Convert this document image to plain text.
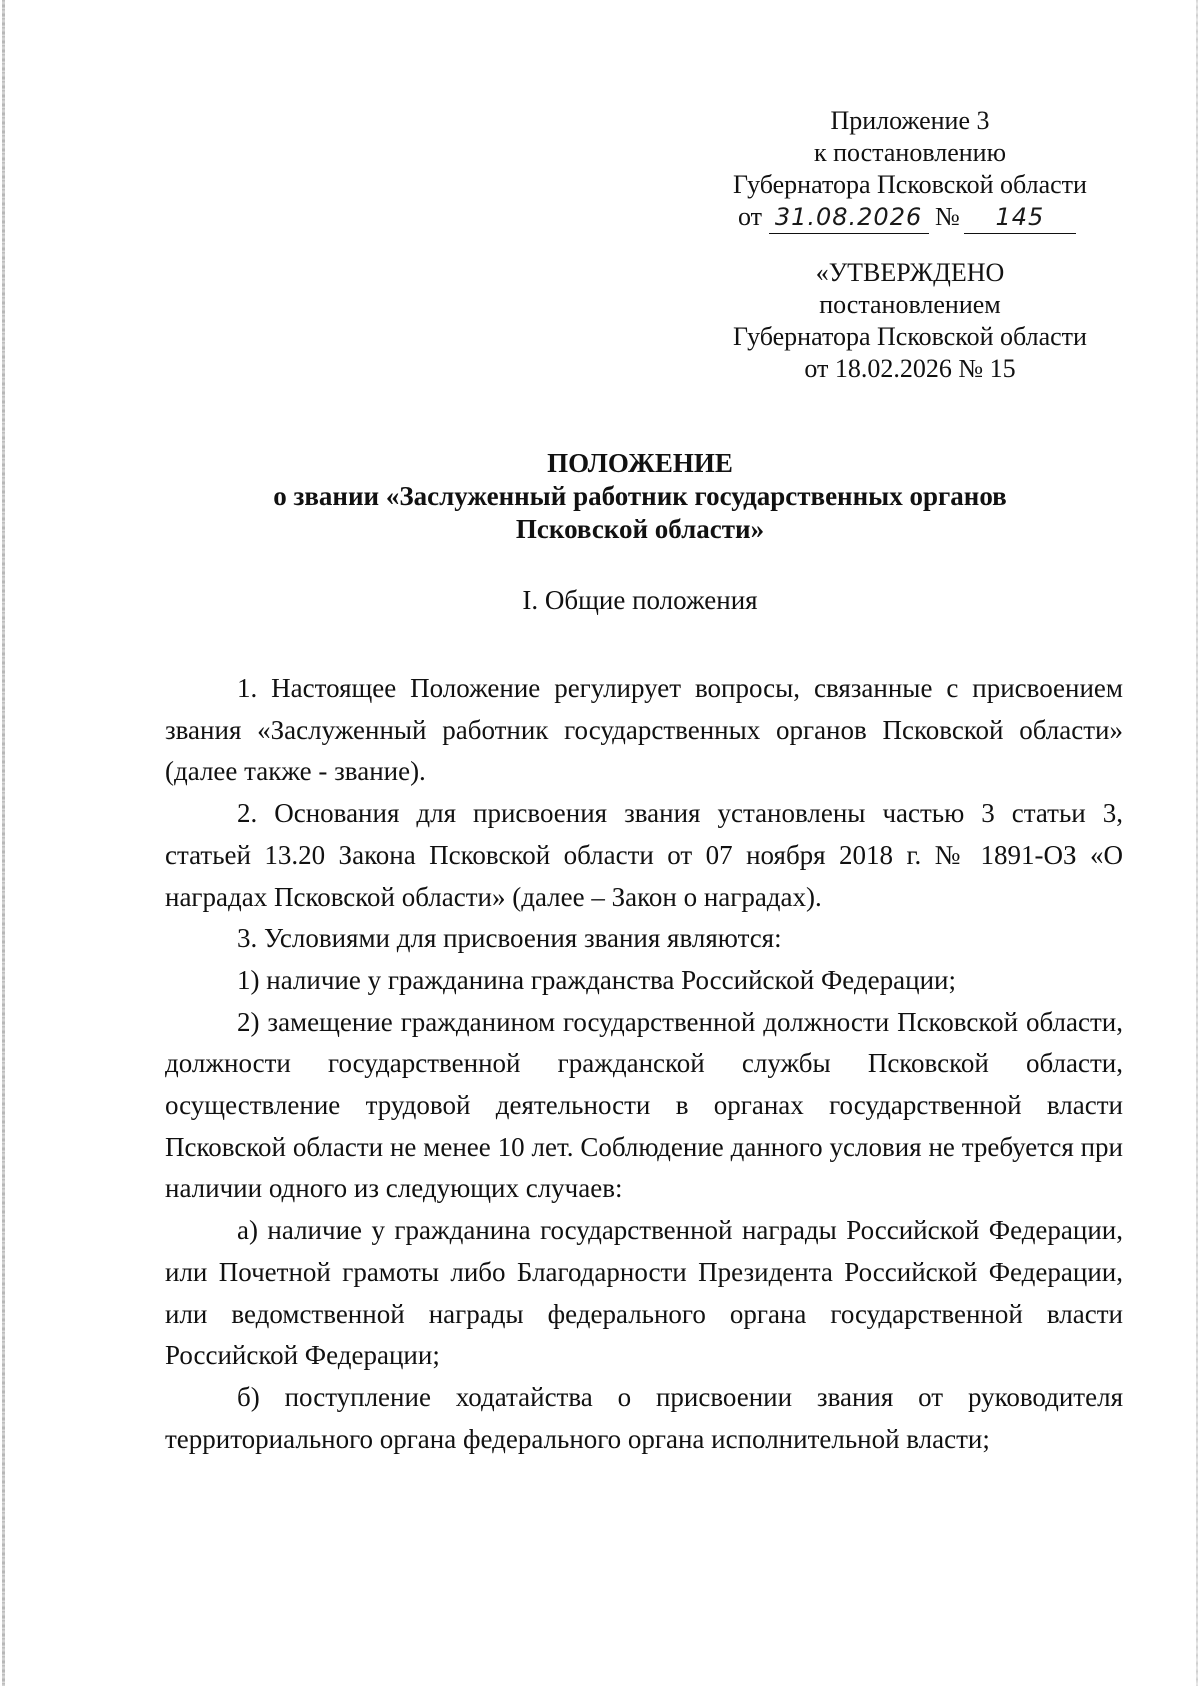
Приложение 3
к постановлению
Губернатора Псковской области
от 31.08.2026 № 145
«УТВЕРЖДЕНО
постановлением
Губернатора Псковской области
от 18.02.2026 № 15
ПОЛОЖЕНИЕ
о звании «Заслуженный работник государственных органов
Псковской области»
I. Общие положения

1. Настоящее Положение регулирует вопросы, связанные с присвоением звания «Заслуженный работник государственных органов Псковской области» (далее также - звание).

2. Основания для присвоения звания установлены частью 3 статьи 3, статьей 13.20 Закона Псковской области от 07 ноября 2018 г. № 1891-ОЗ «О наградах Псковской области» (далее – Закон о наградах).

3. Условиями для присвоения звания являются:

1) наличие у гражданина гражданства Российской Федерации;

2) замещение гражданином государственной должности Псковской области, должности государственной гражданской службы Псковской области, осуществление трудовой деятельности в органах государственной власти Псковской области не менее 10 лет. Соблюдение данного условия не требуется при наличии одного из следующих случаев:

а) наличие у гражданина государственной награды Российской Федерации, или Почетной грамоты либо Благодарности Президента Российской Федерации, или ведомственной награды федерального органа государственной власти Российской Федерации;

б) поступление ходатайства о присвоении звания от руководителя территориального органа федерального органа исполнительной власти;
